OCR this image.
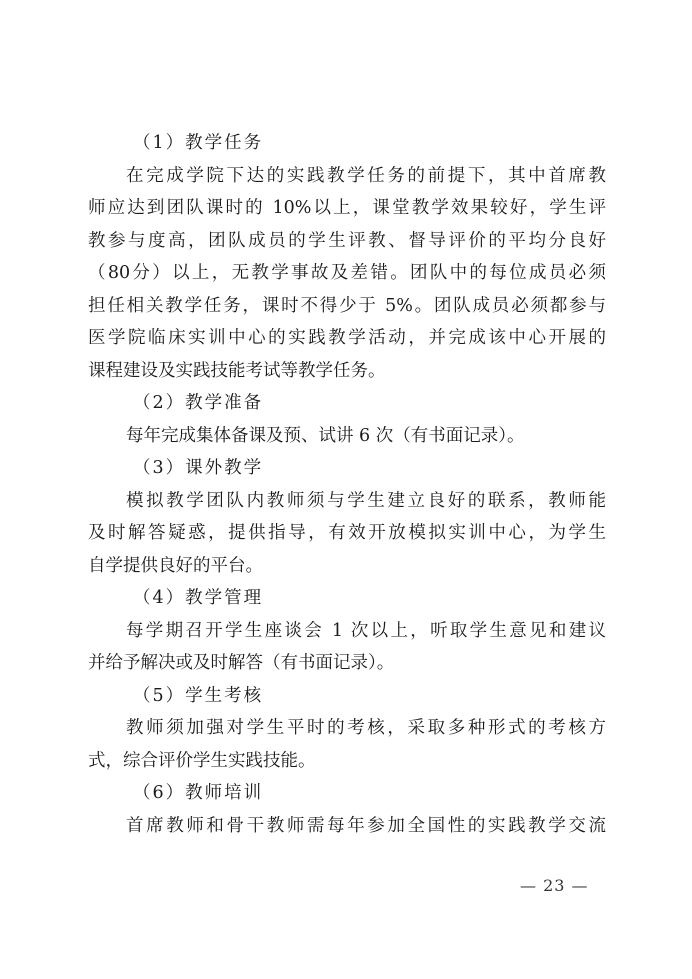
（1）教学任务
在完成学院下达的实践教学任务的前提下，其中首席教
师应达到团队课时的 10%以上，课堂教学效果较好，学生评
教参与度高，团队成员的学生评教、督导评价的平均分良好
（80分）以上，无教学事故及差错。团队中的每位成员必须
担任相关教学任务，课时不得少于 5%。团队成员必须都参与
医学院临床实训中心的实践教学活动，并完成该中心开展的
课程建设及实践技能考试等教学任务。
（2）教学准备
每年完成集体备课及预、试讲 6 次（有书面记录）。
（3）课外教学
模拟教学团队内教师须与学生建立良好的联系，教师能
及时解答疑惑，提供指导，有效开放模拟实训中心，为学生
自学提供良好的平台。
（4）教学管理
每学期召开学生座谈会 1 次以上，听取学生意见和建议
并给予解决或及时解答（有书面记录）。
（5）学生考核
教师须加强对学生平时的考核，采取多种形式的考核方
式，综合评价学生实践技能。
（6）教师培训
首席教师和骨干教师需每年参加全国性的实践教学交流
— 23 —
